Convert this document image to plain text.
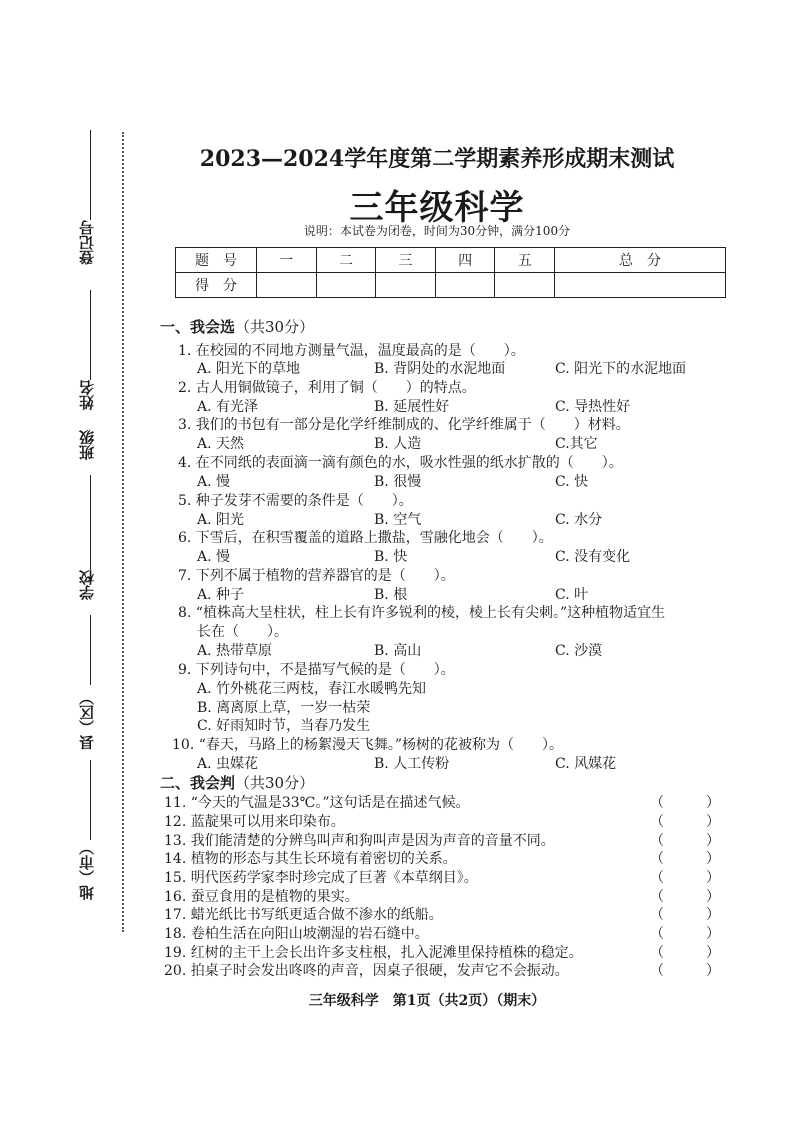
登记号
姓名
班级
学校
县（区）
地（市）
2023—2024学年度第二学期素养形成期末测试
三年级科学
说明：本试卷为闭卷，时间为30分钟，满分100分
题　号	一	二	三	四	五	总　分
得　分						
一、我会选（共30分）
1. 在校园的不同地方测量气温，温度最高的是（　　）。
A. 阳光下的草地	B. 背阴处的水泥地面	C. 阳光下的水泥地面
2. 古人用铜做镜子，利用了铜（　　）的特点。
A. 有光泽	B. 延展性好	C. 导热性好
3. 我们的书包有一部分是化学纤维制成的、化学纤维属于（　　）材料。
A. 天然	B. 人造	C.其它
4. 在不同纸的表面滴一滴有颜色的水，吸水性强的纸水扩散的（　　）。
A. 慢	B. 很慢	C. 快
5. 种子发芽不需要的条件是（　　）。
A. 阳光	B. 空气	C. 水分
6. 下雪后，在积雪覆盖的道路上撒盐，雪融化地会（　　）。
A. 慢	B. 快	C. 没有变化
7. 下列不属于植物的营养器官的是（　　）。
A. 种子	B. 根	C. 叶
8. “植株高大呈柱状，柱上长有许多锐利的棱，棱上长有尖刺。”这种植物适宜生
长在（　　）。
A. 热带草原	B. 高山	C. 沙漠
9. 下列诗句中，不是描写气候的是（　　）。
A. 竹外桃花三两枝，春江水暖鸭先知
B. 离离原上草，一岁一枯荣
C. 好雨知时节，当春乃发生
10. “春天，马路上的杨絮漫天飞舞。”杨树的花被称为（　　）。
A. 虫媒花	B. 人工传粉	C. 风媒花
二、我会判（共30分）
11. “今天的气温是33℃。”这句话是在描述气候。	（　　　）
12. 蓝靛果可以用来印染布。	（　　　）
13. 我们能清楚的分辨鸟叫声和狗叫声是因为声音的音量不同。	（　　　）
14. 植物的形态与其生长环境有着密切的关系。	（　　　）
15. 明代医药学家李时珍完成了巨著《本草纲目》。	（　　　）
16. 蚕豆食用的是植物的果实。	（　　　）
17. 蜡光纸比书写纸更适合做不渗水的纸船。	（　　　）
18. 卷柏生活在向阳山坡潮湿的岩石缝中。	（　　　）
19. 红树的主干上会长出许多支柱根，扎入泥滩里保持植株的稳定。	（　　　）
20. 拍桌子时会发出咚咚的声音，因桌子很硬，发声它不会振动。	（　　　）
三年级科学　第1页（共2页）（期末）
